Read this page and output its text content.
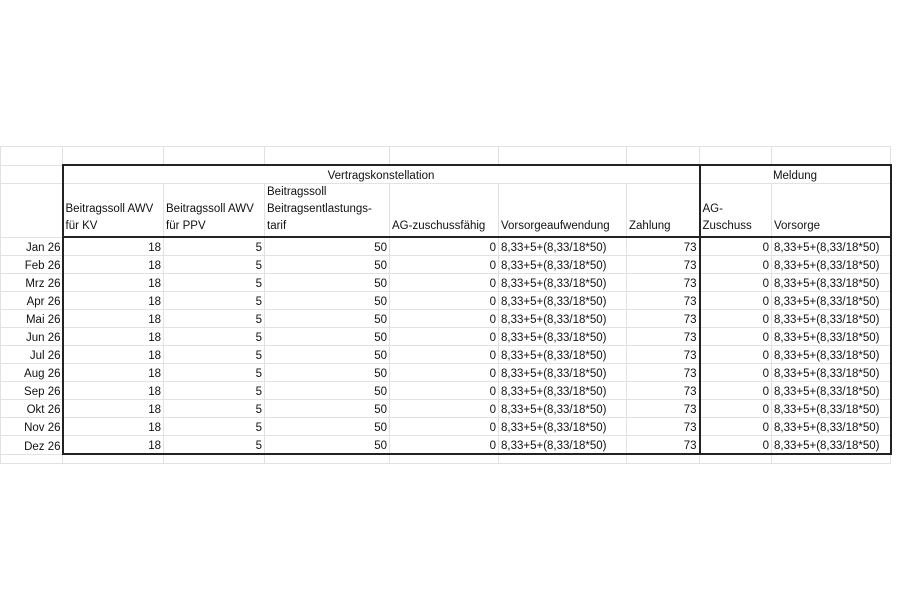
	Vertragskonstellation						Meldung	
	Beitragssoll AWV für KV	Beitragssoll AWV für PPV	Beitragssoll Beitragsentlastungs-tarif	AG-zuschussfähig	Vorsorgeaufwendung	Zahlung	AG-Zuschuss	Vorsorge
Jan 26	18	5	50	0	8,33+5+(8,33/18*50)	73	0	8,33+5+(8,33/18*50)
Feb 26	18	5	50	0	8,33+5+(8,33/18*50)	73	0	8,33+5+(8,33/18*50)
Mrz 26	18	5	50	0	8,33+5+(8,33/18*50)	73	0	8,33+5+(8,33/18*50)
Apr 26	18	5	50	0	8,33+5+(8,33/18*50)	73	0	8,33+5+(8,33/18*50)
Mai 26	18	5	50	0	8,33+5+(8,33/18*50)	73	0	8,33+5+(8,33/18*50)
Jun 26	18	5	50	0	8,33+5+(8,33/18*50)	73	0	8,33+5+(8,33/18*50)
Jul 26	18	5	50	0	8,33+5+(8,33/18*50)	73	0	8,33+5+(8,33/18*50)
Aug 26	18	5	50	0	8,33+5+(8,33/18*50)	73	0	8,33+5+(8,33/18*50)
Sep 26	18	5	50	0	8,33+5+(8,33/18*50)	73	0	8,33+5+(8,33/18*50)
Okt 26	18	5	50	0	8,33+5+(8,33/18*50)	73	0	8,33+5+(8,33/18*50)
Nov 26	18	5	50	0	8,33+5+(8,33/18*50)	73	0	8,33+5+(8,33/18*50)
Dez 26	18	5	50	0	8,33+5+(8,33/18*50)	73	0	8,33+5+(8,33/18*50)
